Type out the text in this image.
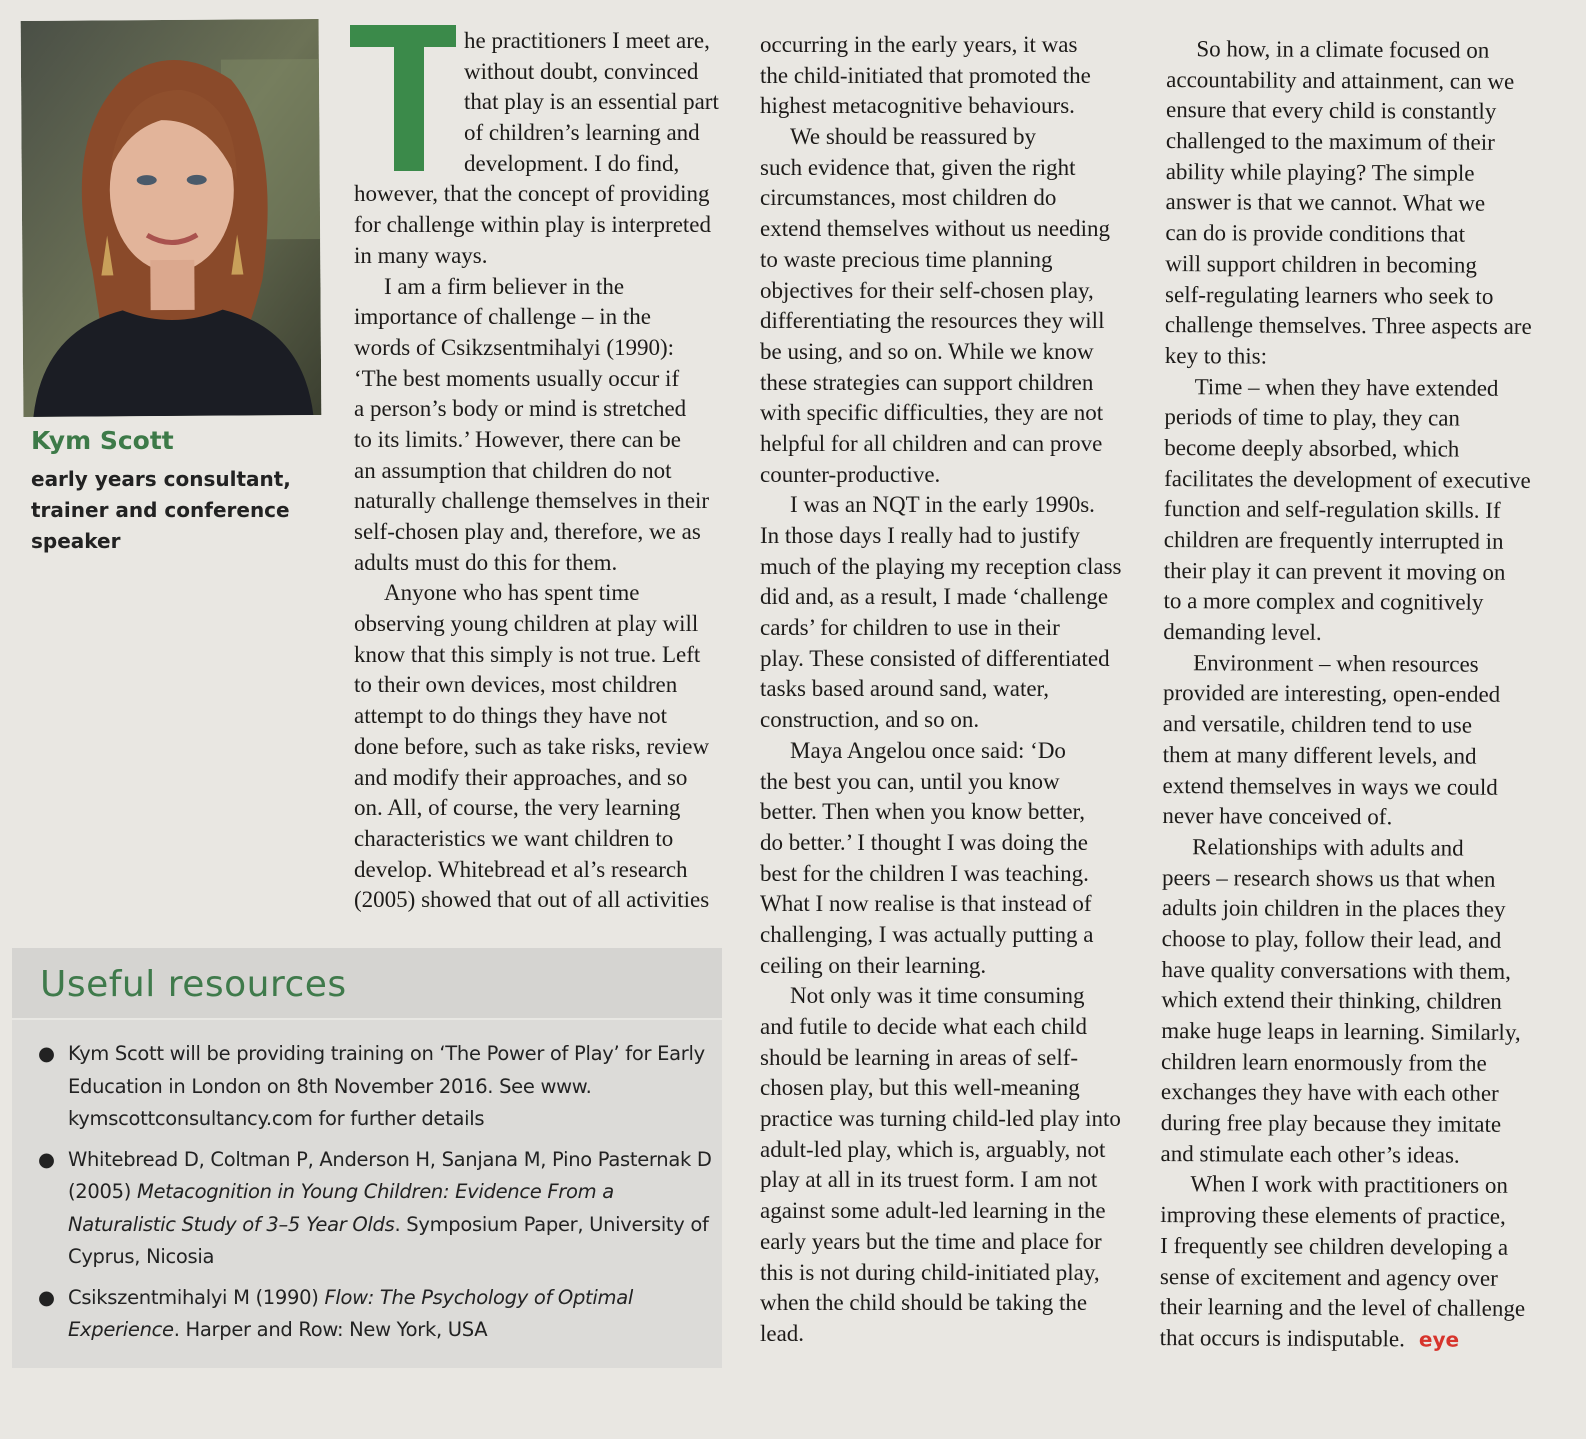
Kym Scott
early years consultant, trainer and conference speaker
he practitioners I meet are,
without doubt, convinced
that play is an essential part
of children’s learning and
development. I do find,
however, that the concept of providing
for challenge within play is interpreted
in many ways.
I am a firm believer in the
importance of challenge – in the
words of Csikzsentmihalyi (1990):
‘The best moments usually occur if
a person’s body or mind is stretched
to its limits.’ However, there can be
an assumption that children do not
naturally challenge themselves in their
self-chosen play and, therefore, we as
adults must do this for them.
Anyone who has spent time
observing young children at play will
know that this simply is not true. Left
to their own devices, most children
attempt to do things they have not
done before, such as take risks, review
and modify their approaches, and so
on. All, of course, the very learning
characteristics we want children to
develop. Whitebread et al’s research
(2005) showed that out of all activities
occurring in the early years, it was
the child-initiated that promoted the
highest metacognitive behaviours.
We should be reassured by
such evidence that, given the right
circumstances, most children do
extend themselves without us needing
to waste precious time planning
objectives for their self-chosen play,
differentiating the resources they will
be using, and so on. While we know
these strategies can support children
with specific difficulties, they are not
helpful for all children and can prove
counter-productive.
I was an NQT in the early 1990s.
In those days I really had to justify
much of the playing my reception class
did and, as a result, I made ‘challenge
cards’ for children to use in their
play. These consisted of differentiated
tasks based around sand, water,
construction, and so on.
Maya Angelou once said: ‘Do
the best you can, until you know
better. Then when you know better,
do better.’ I thought I was doing the
best for the children I was teaching.
What I now realise is that instead of
challenging, I was actually putting a
ceiling on their learning.
Not only was it time consuming
and futile to decide what each child
should be learning in areas of self-
chosen play, but this well-meaning
practice was turning child-led play into
adult-led play, which is, arguably, not
play at all in its truest form. I am not
against some adult-led learning in the
early years but the time and place for
this is not during child-initiated play,
when the child should be taking the
lead.
So how, in a climate focused on
accountability and attainment, can we
ensure that every child is constantly
challenged to the maximum of their
ability while playing? The simple
answer is that we cannot. What we
can do is provide conditions that
will support children in becoming
self-regulating learners who seek to
challenge themselves. Three aspects are
key to this:
Time – when they have extended
periods of time to play, they can
become deeply absorbed, which
facilitates the development of executive
function and self-regulation skills. If
children are frequently interrupted in
their play it can prevent it moving on
to a more complex and cognitively
demanding level.
Environment – when resources
provided are interesting, open-ended
and versatile, children tend to use
them at many different levels, and
extend themselves in ways we could
never have conceived of.
Relationships with adults and
peers – research shows us that when
adults join children in the places they
choose to play, follow their lead, and
have quality conversations with them,
which extend their thinking, children
make huge leaps in learning. Similarly,
children learn enormously from the
exchanges they have with each other
during free play because they imitate
and stimulate each other’s ideas.
When I work with practitioners on
improving these elements of practice,
I frequently see children developing a
sense of excitement and agency over
their learning and the level of challenge
that occurs is indisputable. eye
Useful resources
● Kym Scott will be providing training on ‘The Power of Play’ for Early Education in London on 8th November 2016. See www. kymscottconsultancy.com for further details
● Whitebread D, Coltman P, Anderson H, Sanjana M, Pino Pasternak D (2005) Metacognition in Young Children: Evidence From a Naturalistic Study of 3–5 Year Olds. Symposium Paper, University of Cyprus, Nicosia
● Csikszentmihalyi M (1990) Flow: The Psychology of Optimal Experience. Harper and Row: New York, USA
